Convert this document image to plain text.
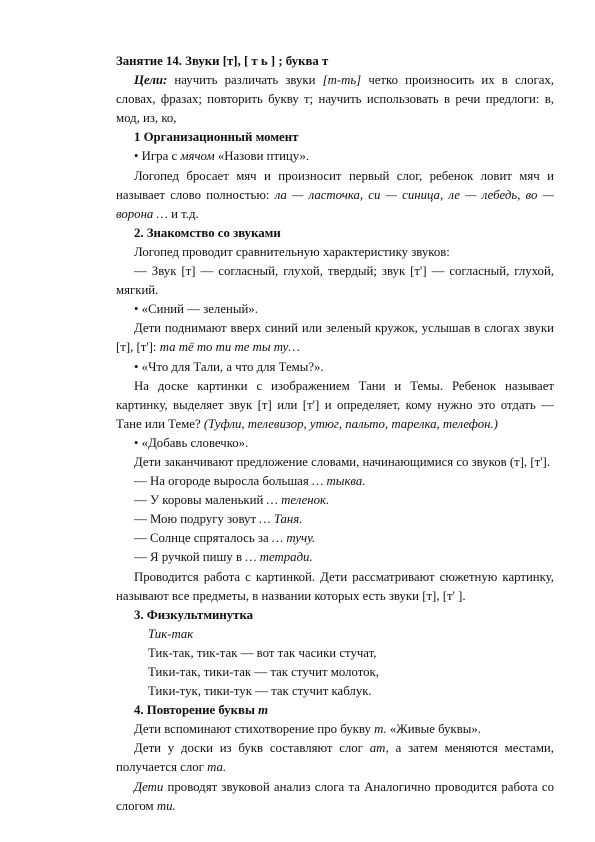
Занятие 14. Звуки [т], [ т ь ] ; буква т

Цели: научить различать звуки [т-ть] четко произносить их в слогах, словах, фразах; повторить букву т; научить использовать в речи предлоги: в, мод, из, ко,

1 Организационный момент

• Игра с мячом «Назови птицу».

Логопед бросает мяч и произносит первый слог, ребенок ловит мяч и называет слово полностью: ла — ласточка, си — синица, ле — лебедь, во — ворона … и т.д.

2. Знакомство со звуками

Логопед проводит сравнительную характеристику звуков:

— Звук [т] — согласный, глухой, твердый; звук [т'] — согласный, глухой, мягкий.

• «Синий — зеленый».

Дети поднимают вверх синий или зеленый кружок, услышав в слогах звуки [т], [т']: та тё то ти те ты ту…

• «Что для Тали, а что для Темы?».

На доске картинки с изображением Тани и Темы. Ребенок называет картинку, выделяет звук [т] или [т'] и определяет, кому нужно это отдать — Тане или Теме? (Туфли, телевизор, утюг, пальто, тарелка, телефон.)

• «Добавь словечко».

Дети заканчивают предложение словами, начинающимися со звуков (т], [т'].

— На огороде выросла большая … тыква.

— У коровы маленький … теленок.

— Мою подругу зовут … Таня.

— Солнце спряталось за … тучу.

— Я ручкой пишу в … тетради.

Проводится работа с картинкой. Дети рассматривают сюжетную картинку, называют все предметы, в названии которых есть звуки [т], [т' ].

3. Физкультминутка

Тик-так
Тик-так, тик-так — вот так часики стучат,
Тики-так, тики-так — так стучит молоток,
Тики-тук, тики-тук — так стучит каблук.

4. Повторение буквы т

Дети вспоминают стихотворение про букву т. «Живые буквы».

Дети у доски из букв составляют слог ат, а затем меняются местами, получается слог та.

Дети проводят звуковой анализ слога та Аналогично проводится работа со слогом ти.
